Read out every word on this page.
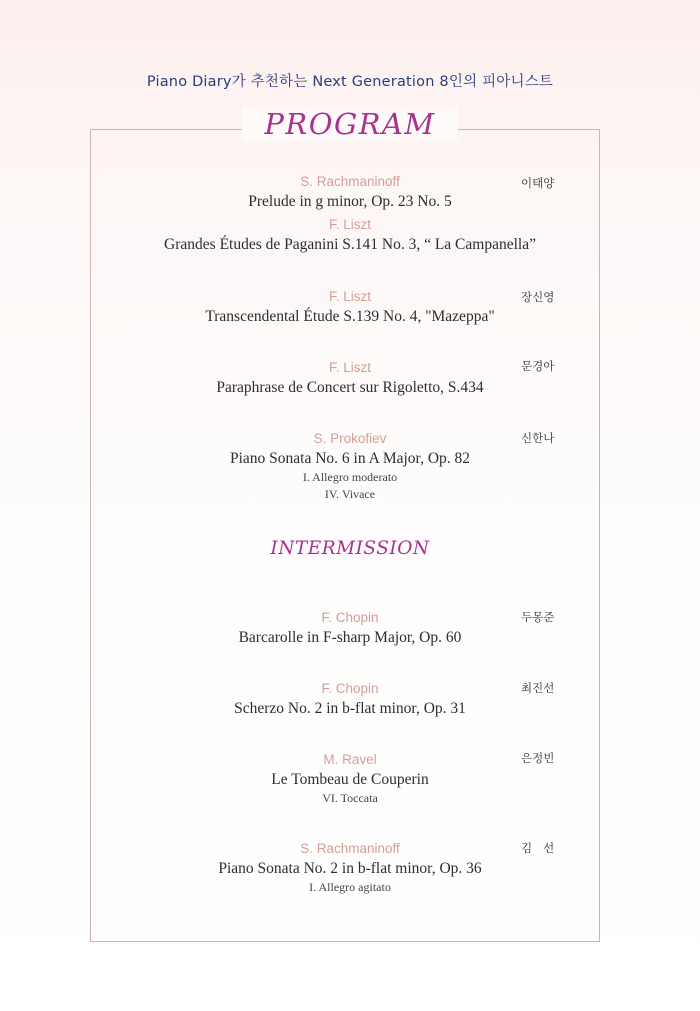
Piano Diary가 추천하는 Next Generation 8인의 피아니스트
PROGRAM
INTERMISSION
이태양
S. Rachmaninoff
Prelude in g minor, Op. 23 No. 5
F. Liszt
Grandes Études de Paganini S.141 No. 3, “ La Campanella”
장신영
F. Liszt
Transcendental Étude S.139 No. 4, "Mazeppa"
문경아
F. Liszt
Paraphrase de Concert sur Rigoletto, S.434
신한나
S. Prokofiev
Piano Sonata No. 6 in A Major, Op. 82
I. Allegro moderato
IV. Vivace
두몽준
F. Chopin
Barcarolle in F-sharp Major, Op. 60
최진선
F. Chopin
Scherzo No. 2 in b-flat minor, Op. 31
은정빈
M. Ravel
Le Tombeau de Couperin
VI. Toccata
김   선
S. Rachmaninoff
Piano Sonata No. 2 in b-flat minor, Op. 36
I. Allegro agitato
